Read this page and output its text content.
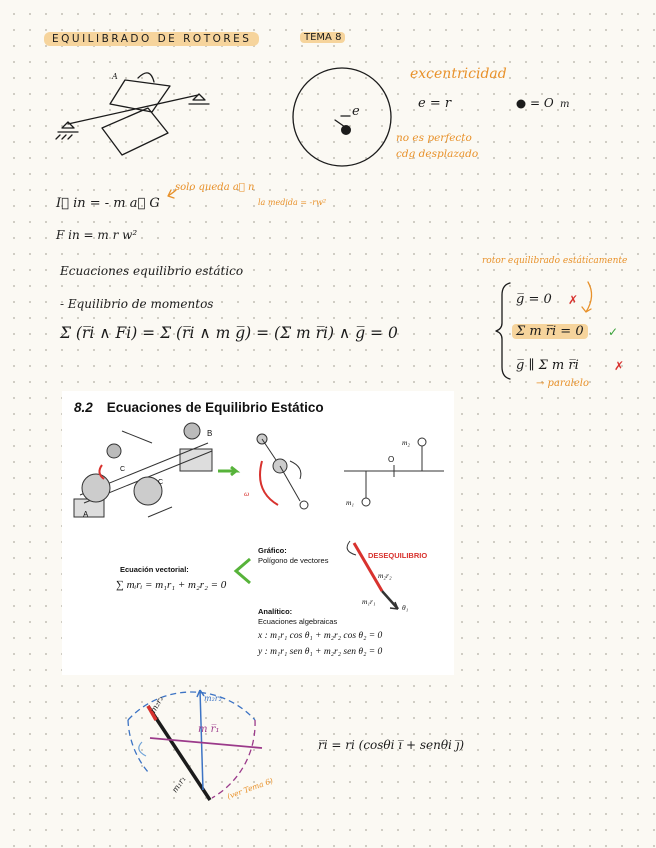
EQUILIBRADO DE ROTORES	TEMA 8
A
e
excentricidad
e = r	= O m
no es perfecto
cdg desplazado
I⃗ in = - m a⃗ G
solo queda a⃗ n
la medida = -rw²
F in = m r w²
Ecuaciones equilibrio estático
- Equilibrio de momentos
Σ (r̅i ∧ Fi) = Σ (r̅i ∧ m g̅) = (Σ m r̅i) ∧ g̅ = 0
rotor equilibrado estáticamente
g̅ = 0 ✗
Σ m r̅i = 0	✓
g̅ ∥ Σ m r̅i	✗
→ paralelo
8.2 Ecuaciones de Equilibrio Estático
A
B
C
C
O
m₁
m₂
ω
Ecuación vectorial:
∑ mᵢrᵢ = m₁r₁ + m₂r₂ = 0
Gráfico:
Polígono de vectores
Analítico:
Ecuaciones algebraicas
x : m₁r₁ cos θ₁ + m₂r₂ cos θ₂ = 0
y : m₁r₁ sen θ₁ + m₂r₂ sen θ₂ = 0
DESEQUILIBRIO
m₂r₂
m₁r₁
θ₁
m₂r₂
m₁r₁
m r̅₁
m₂r₂
(ver Tema 6)
r̅i = ri (cosθi i̅ + senθi j̅)
